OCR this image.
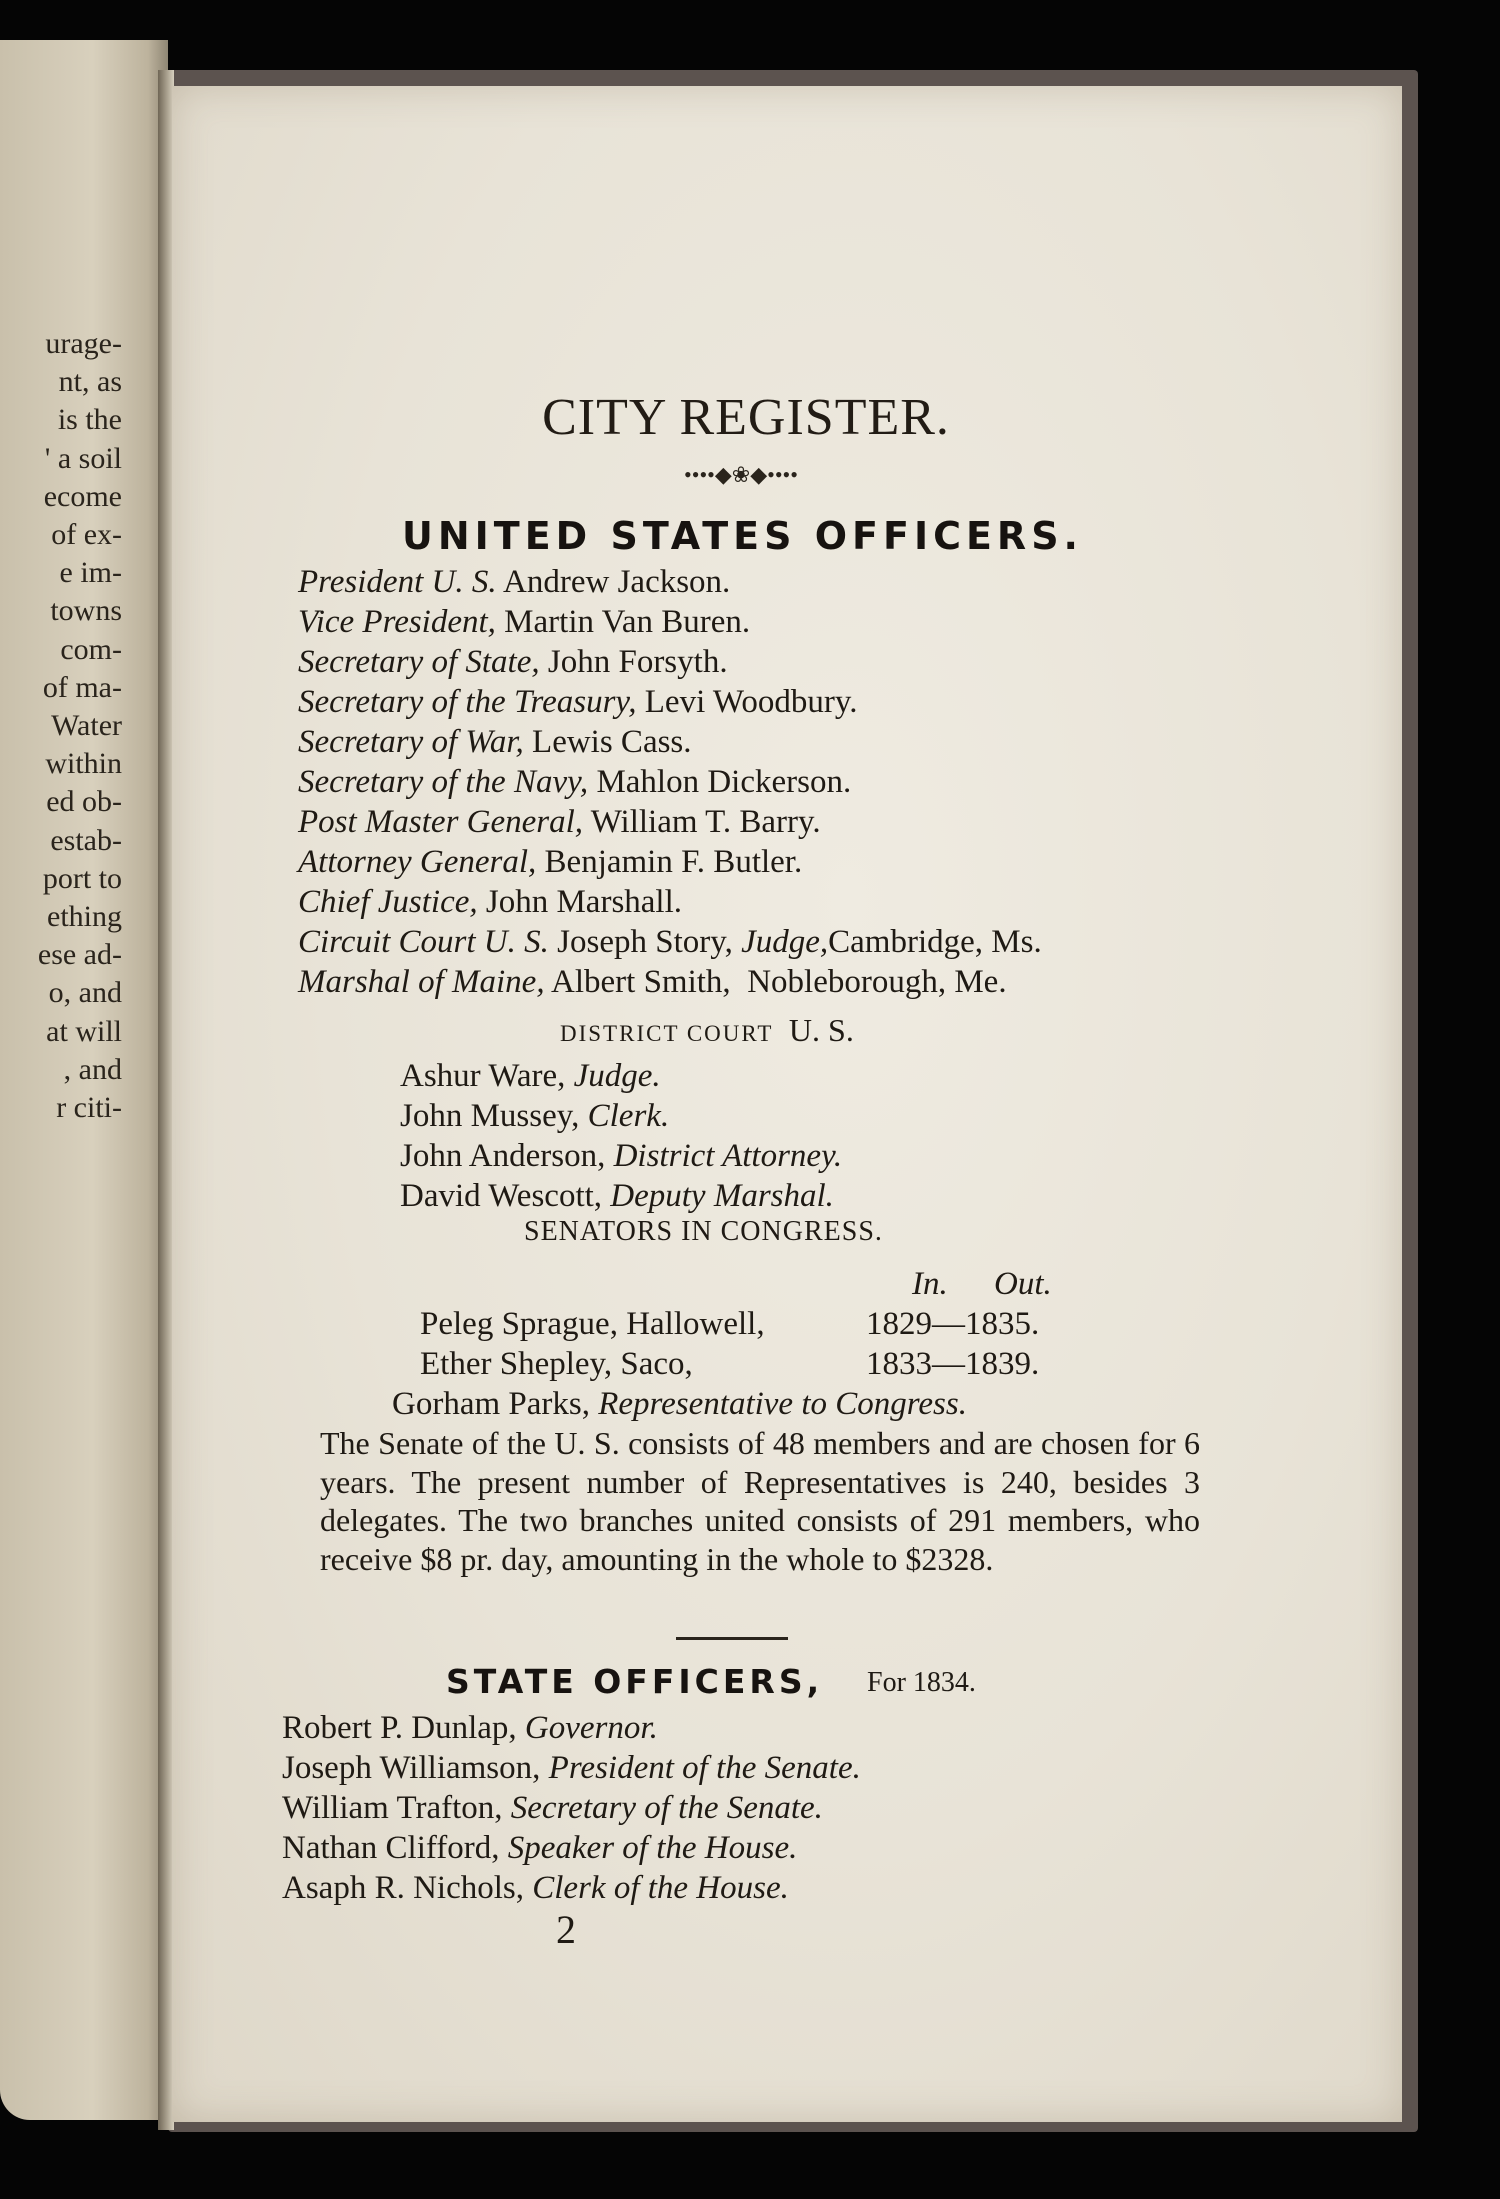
urage-
nt, as
is the
' a soil
ecome
of ex-
e im-
towns
com-
of ma-
Water
within
ed ob-
estab-
port to
ething
ese ad-
o, and
at will
, and
r citi-
CITY REGISTER.
••••◆❀◆••••
UNITED STATES OFFICERS.
President U. S. Andrew Jackson.
Vice President, Martin Van Buren.
Secretary of State, John Forsyth.
Secretary of the Treasury, Levi Woodbury.
Secretary of War, Lewis Cass.
Secretary of the Navy, Mahlon Dickerson.
Post Master General, William T. Barry.
Attorney General, Benjamin F. Butler.
Chief Justice, John Marshall.
Circuit Court U. S. Joseph Story, Judge,Cambridge, Ms.
Marshal of Maine, Albert Smith, Nobleborough, Me.
DISTRICT COURT U. S.
Ashur Ware, Judge.
John Mussey, Clerk.
John Anderson, District Attorney.
David Wescott, Deputy Marshal.
SENATORS IN CONGRESS.
In. Out.
Peleg Sprague, Hallowell,	1829—1835.
Ether Shepley, Saco,	1833—1839.
Gorham Parks, Representative to Congress.
The Senate of the U. S. consists of 48 members and are chosen for 6 years. The present number of Representatives is 240, besides 3 delegates. The two branches united consists of 291 members, who receive $8 pr. day, amounting in the whole to $2328.
STATE OFFICERS, For 1834.
Robert P. Dunlap, Governor.
Joseph Williamson, President of the Senate.
William Trafton, Secretary of the Senate.
Nathan Clifford, Speaker of the House.
Asaph R. Nichols, Clerk of the House.
2
